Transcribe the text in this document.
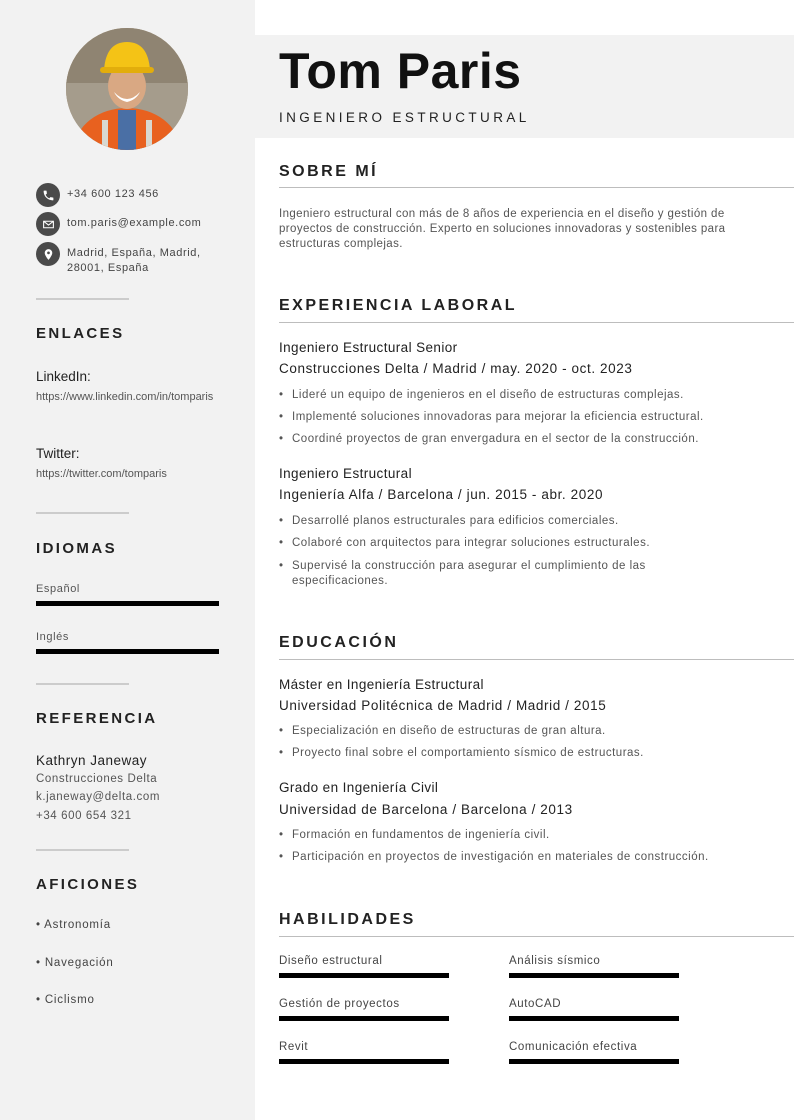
+34 600 123 456
tom.paris@example.com
Madrid, España, Madrid, 28001, España
ENLACES
LinkedIn:
https://www.linkedin.com/in/tomparis
Twitter:
https://twitter.com/tomparis
IDIOMAS
Español
Inglés
REFERENCIA
Kathryn Janeway
Construcciones Delta
k.janeway@delta.com
+34 600 654 321
AFICIONES
• Astronomía
• Navegación
• Ciclismo
Tom Paris
INGENIERO ESTRUCTURAL
SOBRE MÍ
Ingeniero estructural con más de 8 años de experiencia en el diseño y gestión de proyectos de construcción. Experto en soluciones innovadoras y sostenibles para estructuras complejas.
EXPERIENCIA LABORAL
Ingeniero Estructural Senior
Construcciones Delta / Madrid / may. 2020 - oct. 2023
• Lideré un equipo de ingenieros en el diseño de estructuras complejas.
• Implementé soluciones innovadoras para mejorar la eficiencia estructural.
• Coordiné proyectos de gran envergadura en el sector de la construcción.
Ingeniero Estructural
Ingeniería Alfa / Barcelona / jun. 2015 - abr. 2020
• Desarrollé planos estructurales para edificios comerciales.
• Colaboré con arquitectos para integrar soluciones estructurales.
• Supervisé la construcción para asegurar el cumplimiento de las especificaciones.
EDUCACIÓN
Máster en Ingeniería Estructural
Universidad Politécnica de Madrid / Madrid / 2015
• Especialización en diseño de estructuras de gran altura.
• Proyecto final sobre el comportamiento sísmico de estructuras.
Grado en Ingeniería Civil
Universidad de Barcelona / Barcelona / 2013
• Formación en fundamentos de ingeniería civil.
• Participación en proyectos de investigación en materiales de construcción.
HABILIDADES
Diseño estructural	Análisis sísmico
Gestión de proyectos	AutoCAD
Revit	Comunicación efectiva
